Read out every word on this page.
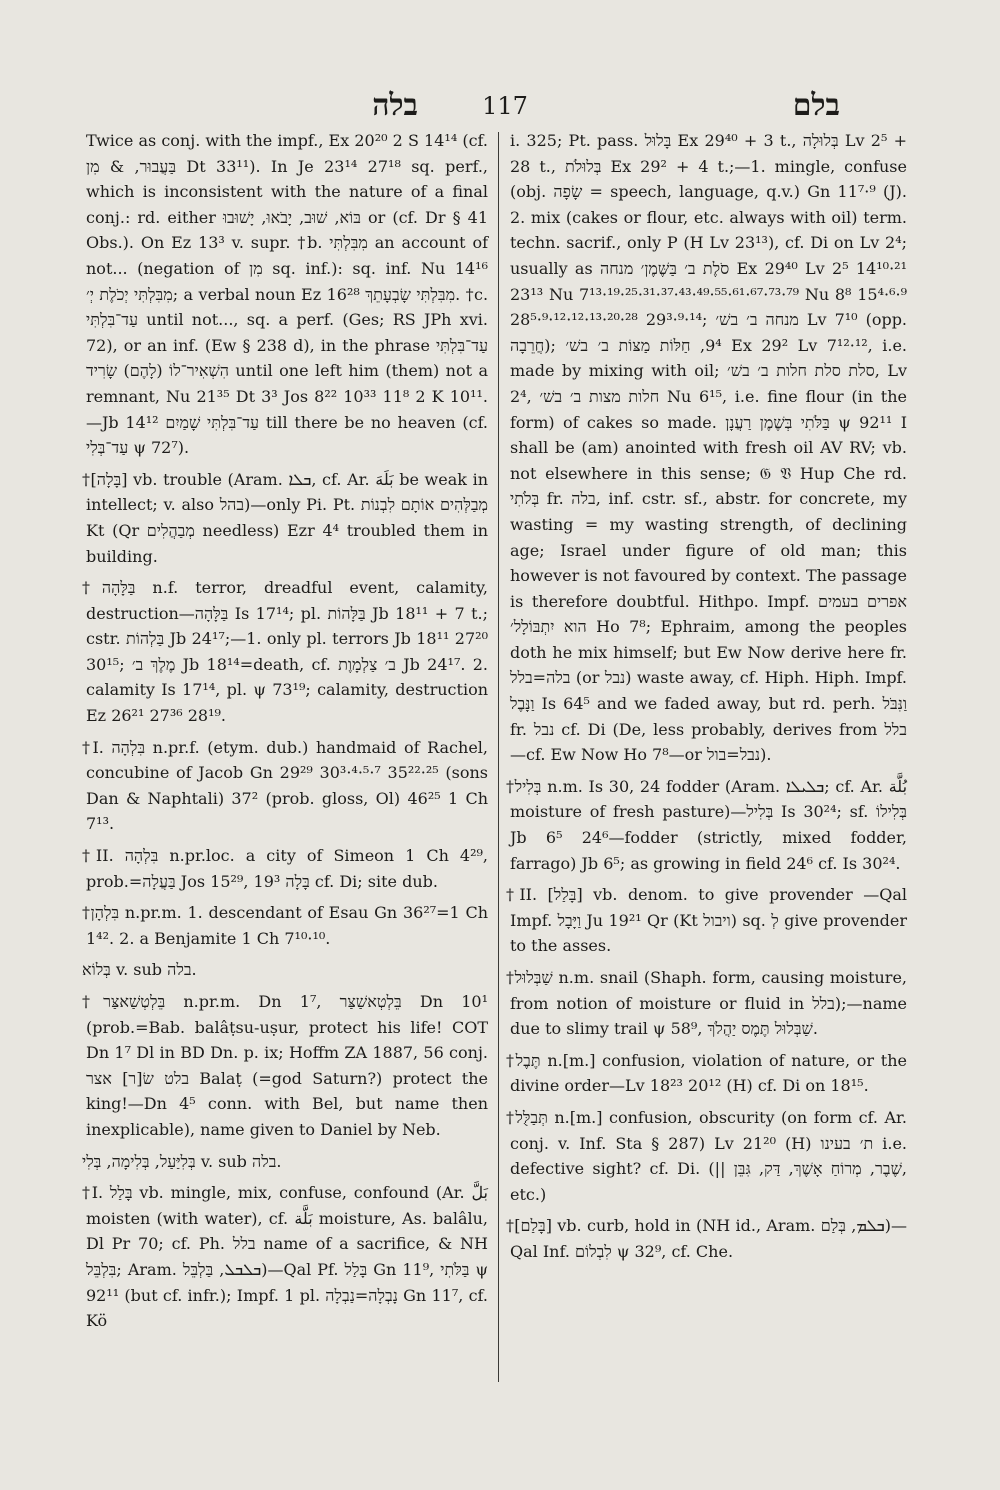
בלה	117	בלם

Twice as conj. with the impf., Ex 20²⁰ 2 S 14¹⁴ (cf. בַּעֲבוּר, & מִן Dt 33¹¹). In Je 23¹⁴ 27¹⁸ sq. perf., which is inconsistent with the nature of a final conj.: rd. either בּוֹא, שׁוּב, יָבֹאוּ, יָשׁוּבוּ or (cf. Dr § 41 Obs.). On Ez 13³ v. supr. †b. מִבִּלְתִּי an account of not... (negation of מִן sq. inf.): sq. inf. Nu 14¹⁶ מִבִּלְתִּי יְכֹלֶת יְ׳; a verbal noun Ez 16²⁸ מִבִּלְתִּי שָׂבְעָתֵךְ. †c. עַד־בִּלְתִּי until not..., sq. a perf. (Ges; RS JPh xvi. 72), or an inf. (Ew § 238 d), in the phrase עַד־בִּלְתִּי הִשְׁאִיר־לוֹ (לָהֶם) שָׂרִיד until one left him (them) not a remnant, Nu 21³⁵ Dt 3³ Jos 8²² 10³³ 11⁸ 2 K 10¹¹.—Jb 14¹² עַד־בִּלְתִּי שָׁמַיִם till there be no heaven (cf. עַד־בְּלִי ψ 72⁷).

†[בָּלָה] vb. trouble (Aram. ܒܠܐ, cf. Ar. بَلَهَ be weak in intellect; v. also בהל)—only Pi. Pt. מְבַלְּהִים אוֹתָם לִבְנוֹת Kt (Qr מְבַהֲלִים needless) Ezr 4⁴ troubled them in building.

†בַּלָּהָה n.f. terror, dreadful event, calamity, destruction—בַּלָּהָה Is 17¹⁴; pl. בַּלָּהוֹת Jb 18¹¹ + 7 t.; cstr. בַּלְהוֹת Jb 24¹⁷;—1. only pl. terrors Jb 18¹¹ 27²⁰ 30¹⁵; מֶלֶךְ ב׳ Jb 18¹⁴=death, cf. ב׳ צַלְמָוֶת Jb 24¹⁷. 2. calamity Is 17¹⁴, pl. ψ 73¹⁹; calamity, destruction Ez 26²¹ 27³⁶ 28¹⁹.

†I. בִּלְהָה n.pr.f. (etym. dub.) handmaid of Rachel, concubine of Jacob Gn 29²⁹ 30³·⁴·⁵·⁷ 35²²·²⁵ (sons Dan & Naphtali) 37² (prob. gloss, Ol) 46²⁵ 1 Ch 7¹³.

†II. בִּלְהָה n.pr.loc. a city of Simeon 1 Ch 4²⁹, prob.=בַּעֲלָה Jos 15²⁹, בָּלָה 19³ cf. Di; site dub.

†בִּלְהָן n.pr.m. 1. descendant of Esau Gn 36²⁷=1 Ch 1⁴². 2. a Benjamite 1 Ch 7¹⁰·¹⁰.

בְּלוֹא v. sub בלה.

†בֵּלְטְשַׁאצַּר n.pr.m. Dn 1⁷, בֵּלְטְאשַׁצַּר Dn 10¹ (prob.=Bab. balâṭsu-uṣur, protect his life! COT Dn 1⁷ Dl in BD Dn. p. ix; Hoffm ZA 1887, 56 conj. בלט שׂ[ר] אצר Balaṭ (=god Saturn?) protect the king!—Dn 4⁵ conn. with Bel, but name then inexplicable), name given to Daniel by Neb.

בְּלִיַּעַל, בְּלִימָה, בְּלִי v. sub בלה.

†I. בָּלַל vb. mingle, mix, confuse, confound (Ar. بَلَّ moisten (with water), cf. بَلَّة moisture, As. balâlu, Dl Pr 70; cf. Ph. בלל name of a sacrifice, & NH בִּלְבֵּל; Aram. ܒܠܒܠ, בַּלְבֵּל)—Qal Pf. בָּלַל Gn 11⁹, בַּלֹּתִי ψ 92¹¹ (but cf. infr.); Impf. 1 pl. נָבְלָה=נַבְלָה Gn 11⁷, cf. Kö

i. 325; Pt. pass. בָּלוּל Ex 29⁴⁰ + 3 t., בְּלוּלָה Lv 2⁵ + 28 t., בְּלוּלֹת Ex 29² + 4 t.;—1. mingle, confuse (obj. שָׂפָה = speech, language, q.v.) Gn 11⁷·⁹ (J). 2. mix (cakes or flour, etc. always with oil) term. techn. sacrif., only P (H Lv 23¹³), cf. Di on Lv 2⁴; usually as סֹלֶת ב׳ בַּשֶּׁמֶן׳ מנחה Ex 29⁴⁰ Lv 2⁵ 14¹⁰·²¹ 23¹³ Nu 7¹³·¹⁹·²⁵·³¹·³⁷·⁴³·⁴⁹·⁵⁵·⁶¹·⁶⁷·⁷³·⁷⁹ Nu 8⁸ 15⁴·⁶·⁹ 28⁵·⁹·¹²·¹²·¹³·²⁰·²⁸ 29³·⁹·¹⁴; מנחה ב׳ בשׁ׳ Lv 7¹⁰ (opp. חֲרֵבָה); 9⁴, חַלּוֹת מַצּוֹת ב׳ בשׁ׳ Ex 29² Lv 7¹²·¹², i.e. made by mixing with oil; סלת סלת חלות ב׳ בשׁ׳, Lv 2⁴, חלות מצות ב׳ בשׁ׳ Nu 6¹⁵, i.e. fine flour (in the form) of cakes so made. בַּלֹּתִי בְּשֶׁמֶן רַעֲנָן ψ 92¹¹ I shall be (am) anointed with fresh oil AV RV; vb. not elsewhere in this sense; 𝔊 𝔙 Hup Che rd. בְּלֹתִי fr. בלה, inf. cstr. sf., abstr. for concrete, my wasting = my wasting strength, of declining age; Israel under figure of old man; this however is not favoured by context. The passage is therefore doubtful. Hithpo. Impf. אפרים בעמים הוא יִתְבּוֹלָל׳ Ho 7⁸; Ephraim, among the peoples doth he mix himself; but Ew Now derive here fr. בלה=בלל (or נבל) waste away, cf. Hiph. Hiph. Impf. וַנָּבֶל Is 64⁵ and we faded away, but rd. perh. וַנִּבֹּל fr. נבל cf. Di (De, less probably, derives from בלל —cf. Ew Now Ho 7⁸—or נבל=בול).

†בְּלִיל n.m. Is 30, 24 fodder (Aram. ܒܠܝܠܐ; cf. Ar. بُلَّة moisture of fresh pasture)—בְּלִיל Is 30²⁴; sf. בְּלִילוֹ Jb 6⁵ 24⁶—fodder (strictly, mixed fodder, farrago) Jb 6⁵; as growing in field 24⁶ cf. Is 30²⁴.

†II. [בָּלַל] vb. denom. to give provender —Qal Impf. וַיָּבָל Ju 19²¹ Qr (Kt ויבול) sq. לְ give provender to the asses.

†שַׁבְּלוּל n.m. snail (Shaph. form, causing moisture, from notion of moisture or fluid in בלל);—name due to slimy trail ψ 58⁹, שַׁבְּלוּל תֶּמֶס יַהֲלֹךְ.

†תֶּבֶל n.[m.] confusion, violation of nature, or the divine order—Lv 18²³ 20¹² (H) cf. Di on 18¹⁵.

†תְּבַלֻּל n.[m.] confusion, obscurity (on form cf. Ar. conj. v. Inf. Sta § 287) Lv 21²⁰ (H) ת׳ בעינו i.e. defective sight? cf. Di. (|| שֶׁבֶר, מְרוֹחַ אָשֶׁךְ, דַּק, גִּבֵּן, etc.)

†[בָּלַם] vb. curb, hold in (NH id., Aram. ܒܠܡ, בְּלַם)—Qal Inf. לִבְלוֹם ψ 32⁹, cf. Che.
